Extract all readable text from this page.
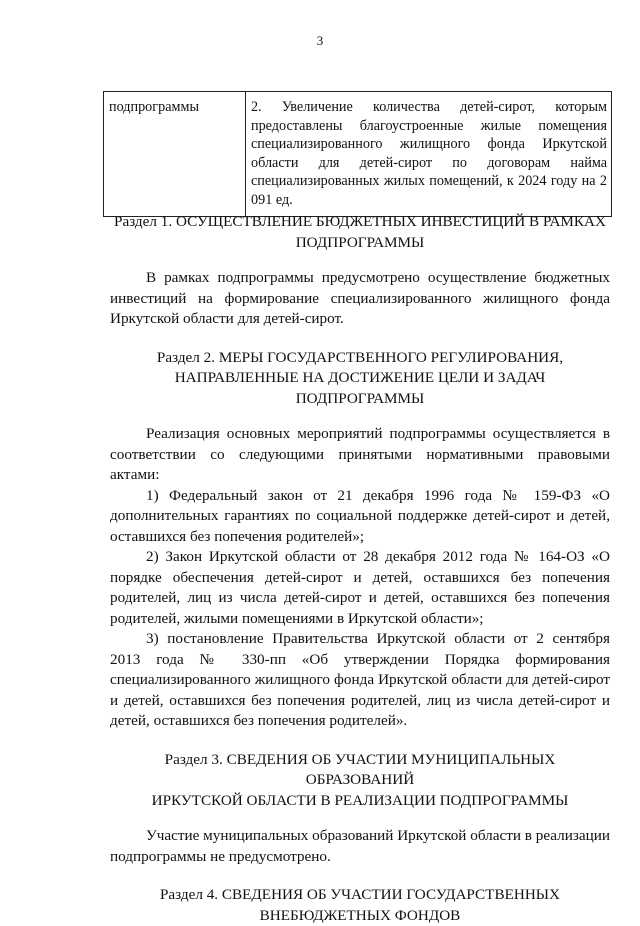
3
подпрограммы	2. Увеличение количества детей-сирот, которым предоставлены благоустроенные жилые помещения специализированного жилищного фонда Иркутской области для детей-сирот по договорам найма специализированных жилых помещений, к 2024 году на 2 091 ед.

Раздел 1. ОСУЩЕСТВЛЕНИЕ БЮДЖЕТНЫХ ИНВЕСТИЦИЙ В РАМКАХ ПОДПРОГРАММЫ

В рамках подпрограммы предусмотрено осуществление бюджетных инвестиций на формирование специализированного жилищного фонда Иркутской области для детей-сирот.

Раздел 2. МЕРЫ ГОСУДАРСТВЕННОГО РЕГУЛИРОВАНИЯ,

НАПРАВЛЕННЫЕ НА ДОСТИЖЕНИЕ ЦЕЛИ И ЗАДАЧ

ПОДПРОГРАММЫ

Реализация основных мероприятий подпрограммы осуществляется в соответствии со следующими принятыми нормативными правовыми актами:

1) Федеральный закон от 21 декабря 1996 года № 159-ФЗ «О дополнительных гарантиях по социальной поддержке детей-сирот и детей, оставшихся без попечения родителей»;

2) Закон Иркутской области от 28 декабря 2012 года № 164-ОЗ «О порядке обеспечения детей-сирот и детей, оставшихся без попечения родителей, лиц из числа детей-сирот и детей, оставшихся без попечения родителей, жилыми помещениями в Иркутской области»;

3) постановление Правительства Иркутской области от 2 сентября 2013 года № 330-пп «Об утверждении Порядка формирования специализированного жилищного фонда Иркутской области для детей-сирот и детей, оставшихся без попечения родителей, лиц из числа детей-сирот и детей, оставшихся без попечения родителей».

Раздел 3. СВЕДЕНИЯ ОБ УЧАСТИИ МУНИЦИПАЛЬНЫХ ОБРАЗОВАНИЙ

ИРКУТСКОЙ ОБЛАСТИ В РЕАЛИЗАЦИИ ПОДПРОГРАММЫ

Участие муниципальных образований Иркутской области в реализации подпрограммы не предусмотрено.

Раздел 4. СВЕДЕНИЯ ОБ УЧАСТИИ ГОСУДАРСТВЕННЫХ

ВНЕБЮДЖЕТНЫХ ФОНДОВ
